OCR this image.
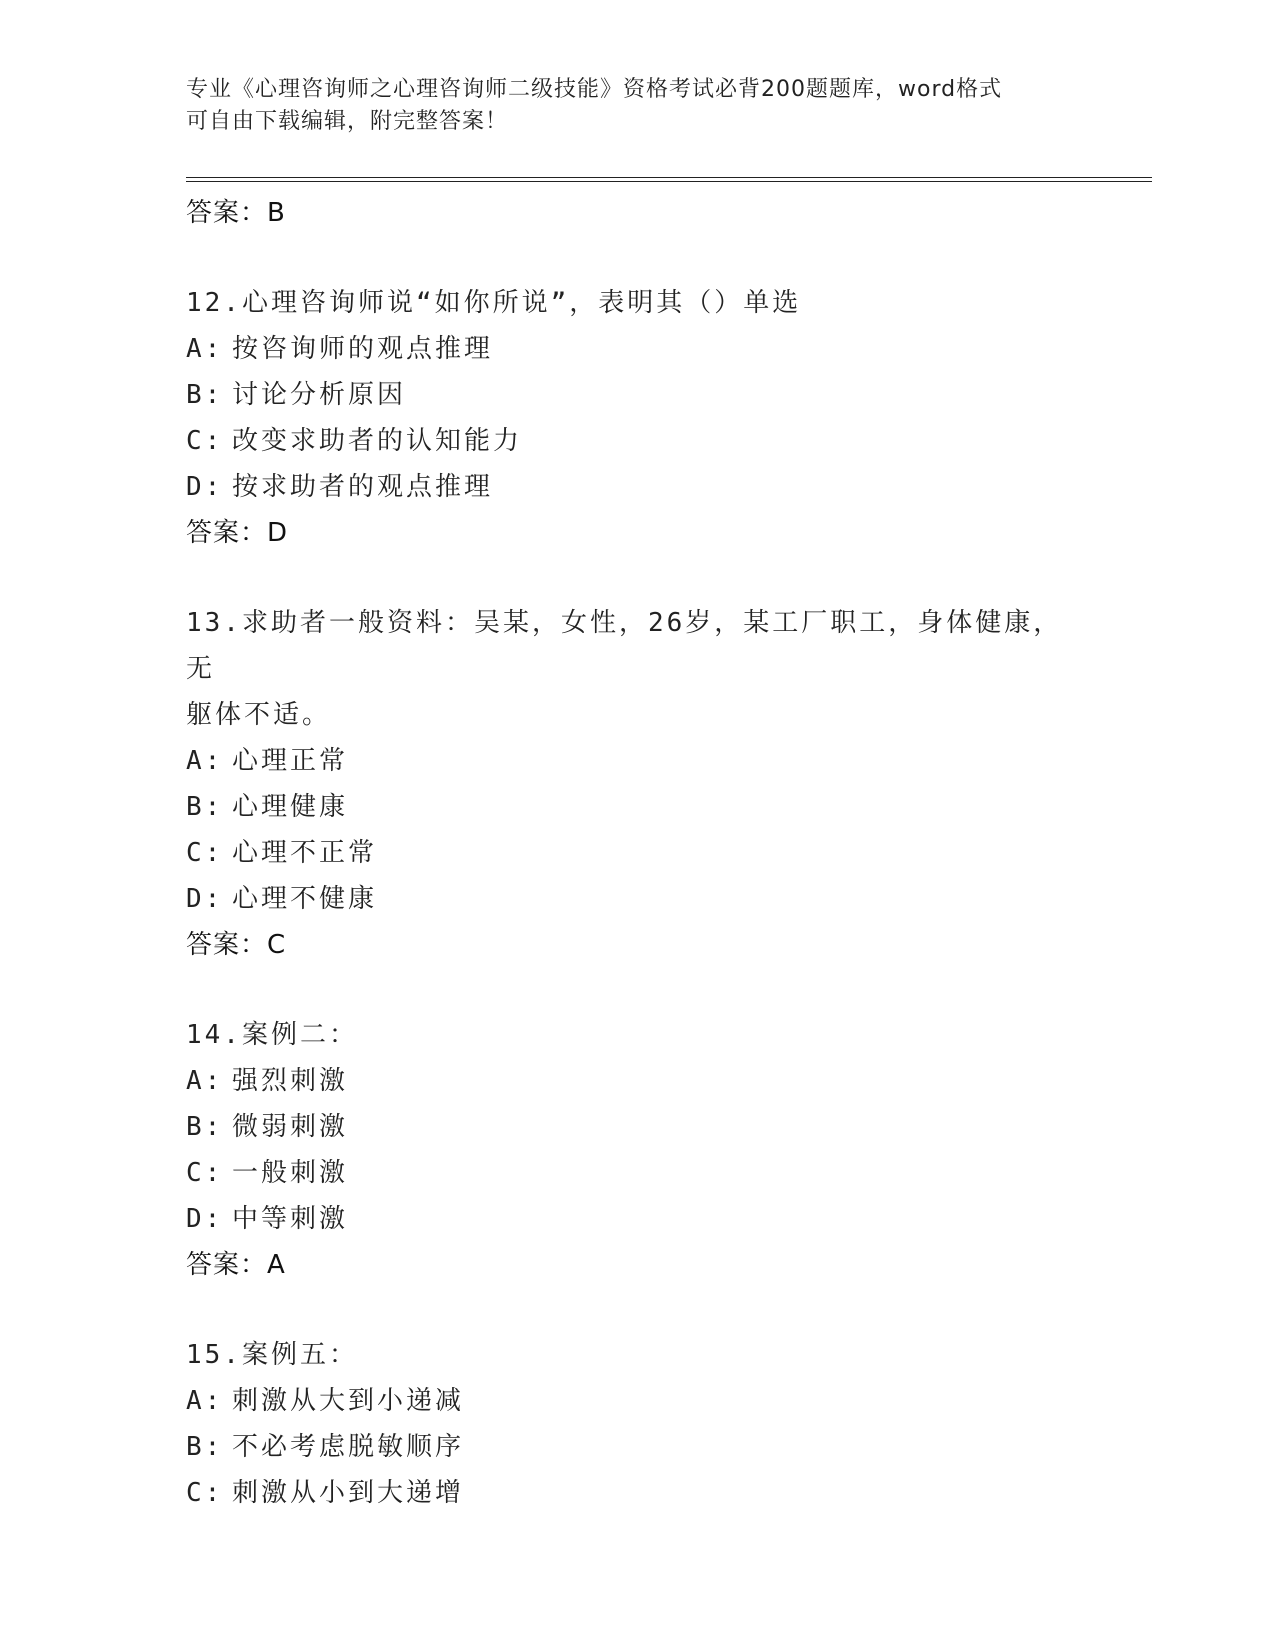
专业《心理咨询师之心理咨询师二级技能》资格考试必背200题题库，word格式
可自由下载编辑，附完整答案！
答案：B
12.心理咨询师说“如你所说”，表明其（）单选
A: 按咨询师的观点推理
B: 讨论分析原因
C: 改变求助者的认知能力
D: 按求助者的观点推理
答案：D
13.求助者一般资料：吴某，女性，26岁，某工厂职工，身体健康，无
躯体不适。
A: 心理正常
B: 心理健康
C: 心理不正常
D: 心理不健康
答案：C
14.案例二：
A: 强烈刺激
B: 微弱刺激
C: 一般刺激
D: 中等刺激
答案：A
15.案例五：
A: 刺激从大到小递减
B: 不必考虑脱敏顺序
C: 刺激从小到大递增
